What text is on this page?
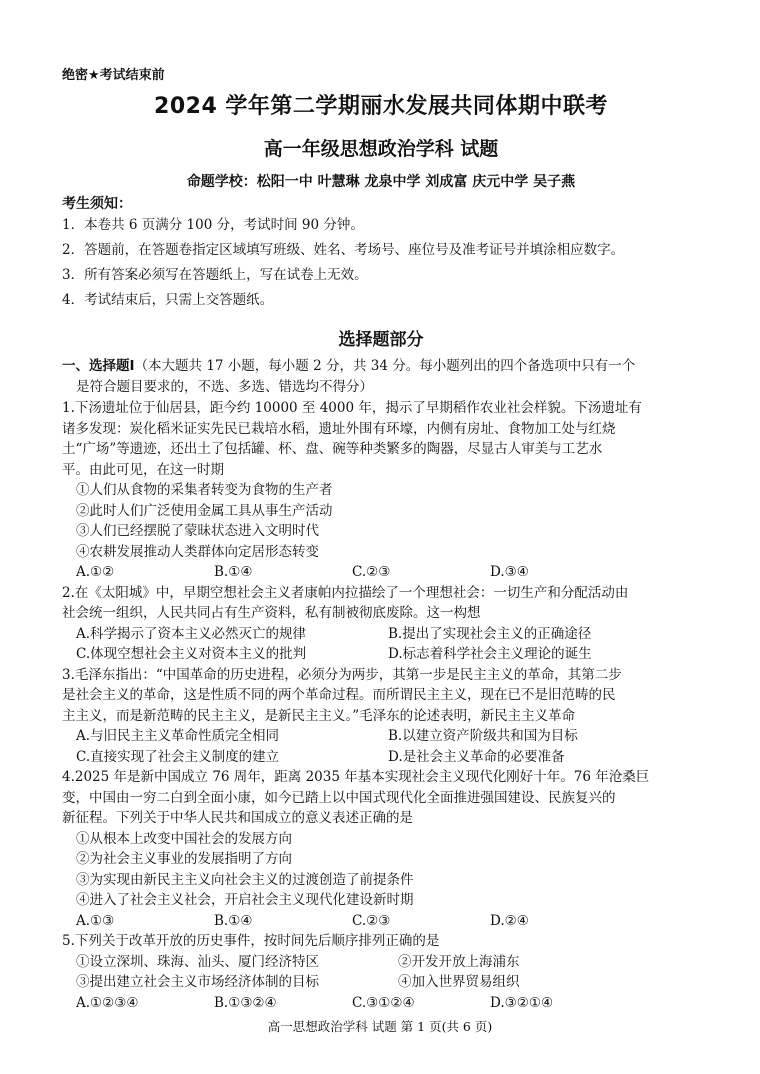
绝密★考试结束前
2024 学年第二学期丽水发展共同体期中联考
高一年级思想政治学科 试题
命题学校：松阳一中 叶慧琳 龙泉中学 刘成富 庆元中学 吴子燕
考生须知：
1．本卷共 6 页满分 100 分，考试时间 90 分钟。
2．答题前，在答题卷指定区域填写班级、姓名、考场号、座位号及准考证号并填涂相应数字。
3．所有答案必须写在答题纸上，写在试卷上无效。
4．考试结束后，只需上交答题纸。
选择题部分
一、选择题Ⅰ（本大题共 17 小题，每小题 2 分，共 34 分。每小题列出的四个备选项中只有一个
是符合题目要求的，不选、多选、错选均不得分）
1.下汤遗址位于仙居县，距今约 10000 至 4000 年，揭示了早期稻作农业社会样貌。下汤遗址有
诸多发现：炭化稻米证实先民已栽培水稻，遗址外围有环壕，内侧有房址、食物加工处与红烧
土“广场”等遗迹，还出土了包括罐、杯、盘、碗等种类繁多的陶器，尽显古人审美与工艺水
平。由此可见，在这一时期
①人们从食物的采集者转变为食物的生产者
②此时人们广泛使用金属工具从事生产活动
③人们已经摆脱了蒙昧状态进入文明时代
④农耕发展推动人类群体向定居形态转变
A.①②	B.①④	C.②③	D.③④
2.在《太阳城》中，早期空想社会主义者康帕内拉描绘了一个理想社会：一切生产和分配活动由
社会统一组织，人民共同占有生产资料，私有制被彻底废除。这一构想
A.科学揭示了资本主义必然灭亡的规律	B.提出了实现社会主义的正确途径
C.体现空想社会主义对资本主义的批判	D.标志着科学社会主义理论的诞生
3.毛泽东指出：“中国革命的历史进程，必须分为两步，其第一步是民主主义的革命，其第二步
是社会主义的革命，这是性质不同的两个革命过程。而所谓民主主义，现在已不是旧范畴的民
主主义，而是新范畴的民主主义，是新民主主义。”毛泽东的论述表明，新民主主义革命
A.与旧民主主义革命性质完全相同	B.以建立资产阶级共和国为目标
C.直接实现了社会主义制度的建立	D.是社会主义革命的必要准备
4.2025 年是新中国成立 76 周年，距离 2035 年基本实现社会主义现代化刚好十年。76 年沧桑巨
变，中国由一穷二白到全面小康，如今已踏上以中国式现代化全面推进强国建设、民族复兴的
新征程。下列关于中华人民共和国成立的意义表述正确的是
①从根本上改变中国社会的发展方向
②为社会主义事业的发展指明了方向
③为实现由新民主主义向社会主义的过渡创造了前提条件
④进入了社会主义社会，开启社会主义现代化建设新时期
A.①③	B.①④	C.②③	D.②④
5.下列关于改革开放的历史事件，按时间先后顺序排列正确的是
①设立深圳、珠海、汕头、厦门经济特区	②开发开放上海浦东
③提出建立社会主义市场经济体制的目标	④加入世界贸易组织
A.①②③④	B.①③②④	C.③①②④	D.③②①④
高一思想政治学科 试题 第 1 页(共 6 页)
